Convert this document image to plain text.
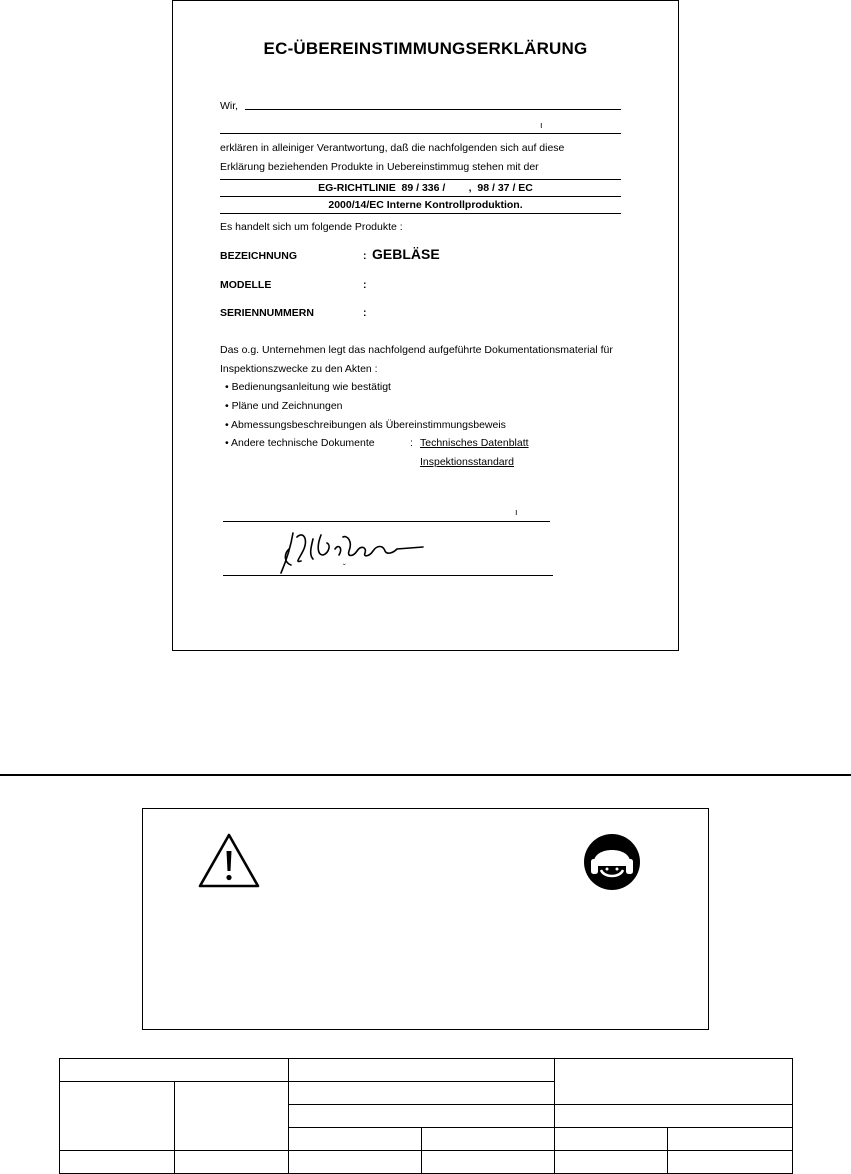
EC-ÜBEREINSTIMMUNGSERKLÄRUNG
Wir,
ı
erklären in alleiniger Verantwortung, daß die nachfolgenden sich auf diese
Erklärung beziehenden Produkte in Uebereinstimmug stehen mit der
EG-RICHTLINIE  89 / 336 /        ,  98 / 37 / EC
2000/14/EC Interne Kontrollproduktion.
Es handelt sich um folgende Produkte :
BEZEICHNUNG	: GEBLÄSE
MODELLE	:
SERIENNUMMERN	:
Das o.g. Unternehmen legt das nachfolgend aufgeführte Dokumentationsmaterial für
Inspektionszwecke zu den Akten :
• Bedienungsanleitung wie bestätigt
• Pläne und Zeichnungen
• Abmessungsbeschreibungen als Übereinstimmungsbeweis
• Andere technische Dokumente	: Technisches Datenblatt
Inspektionsstandard
ı
ˇ
